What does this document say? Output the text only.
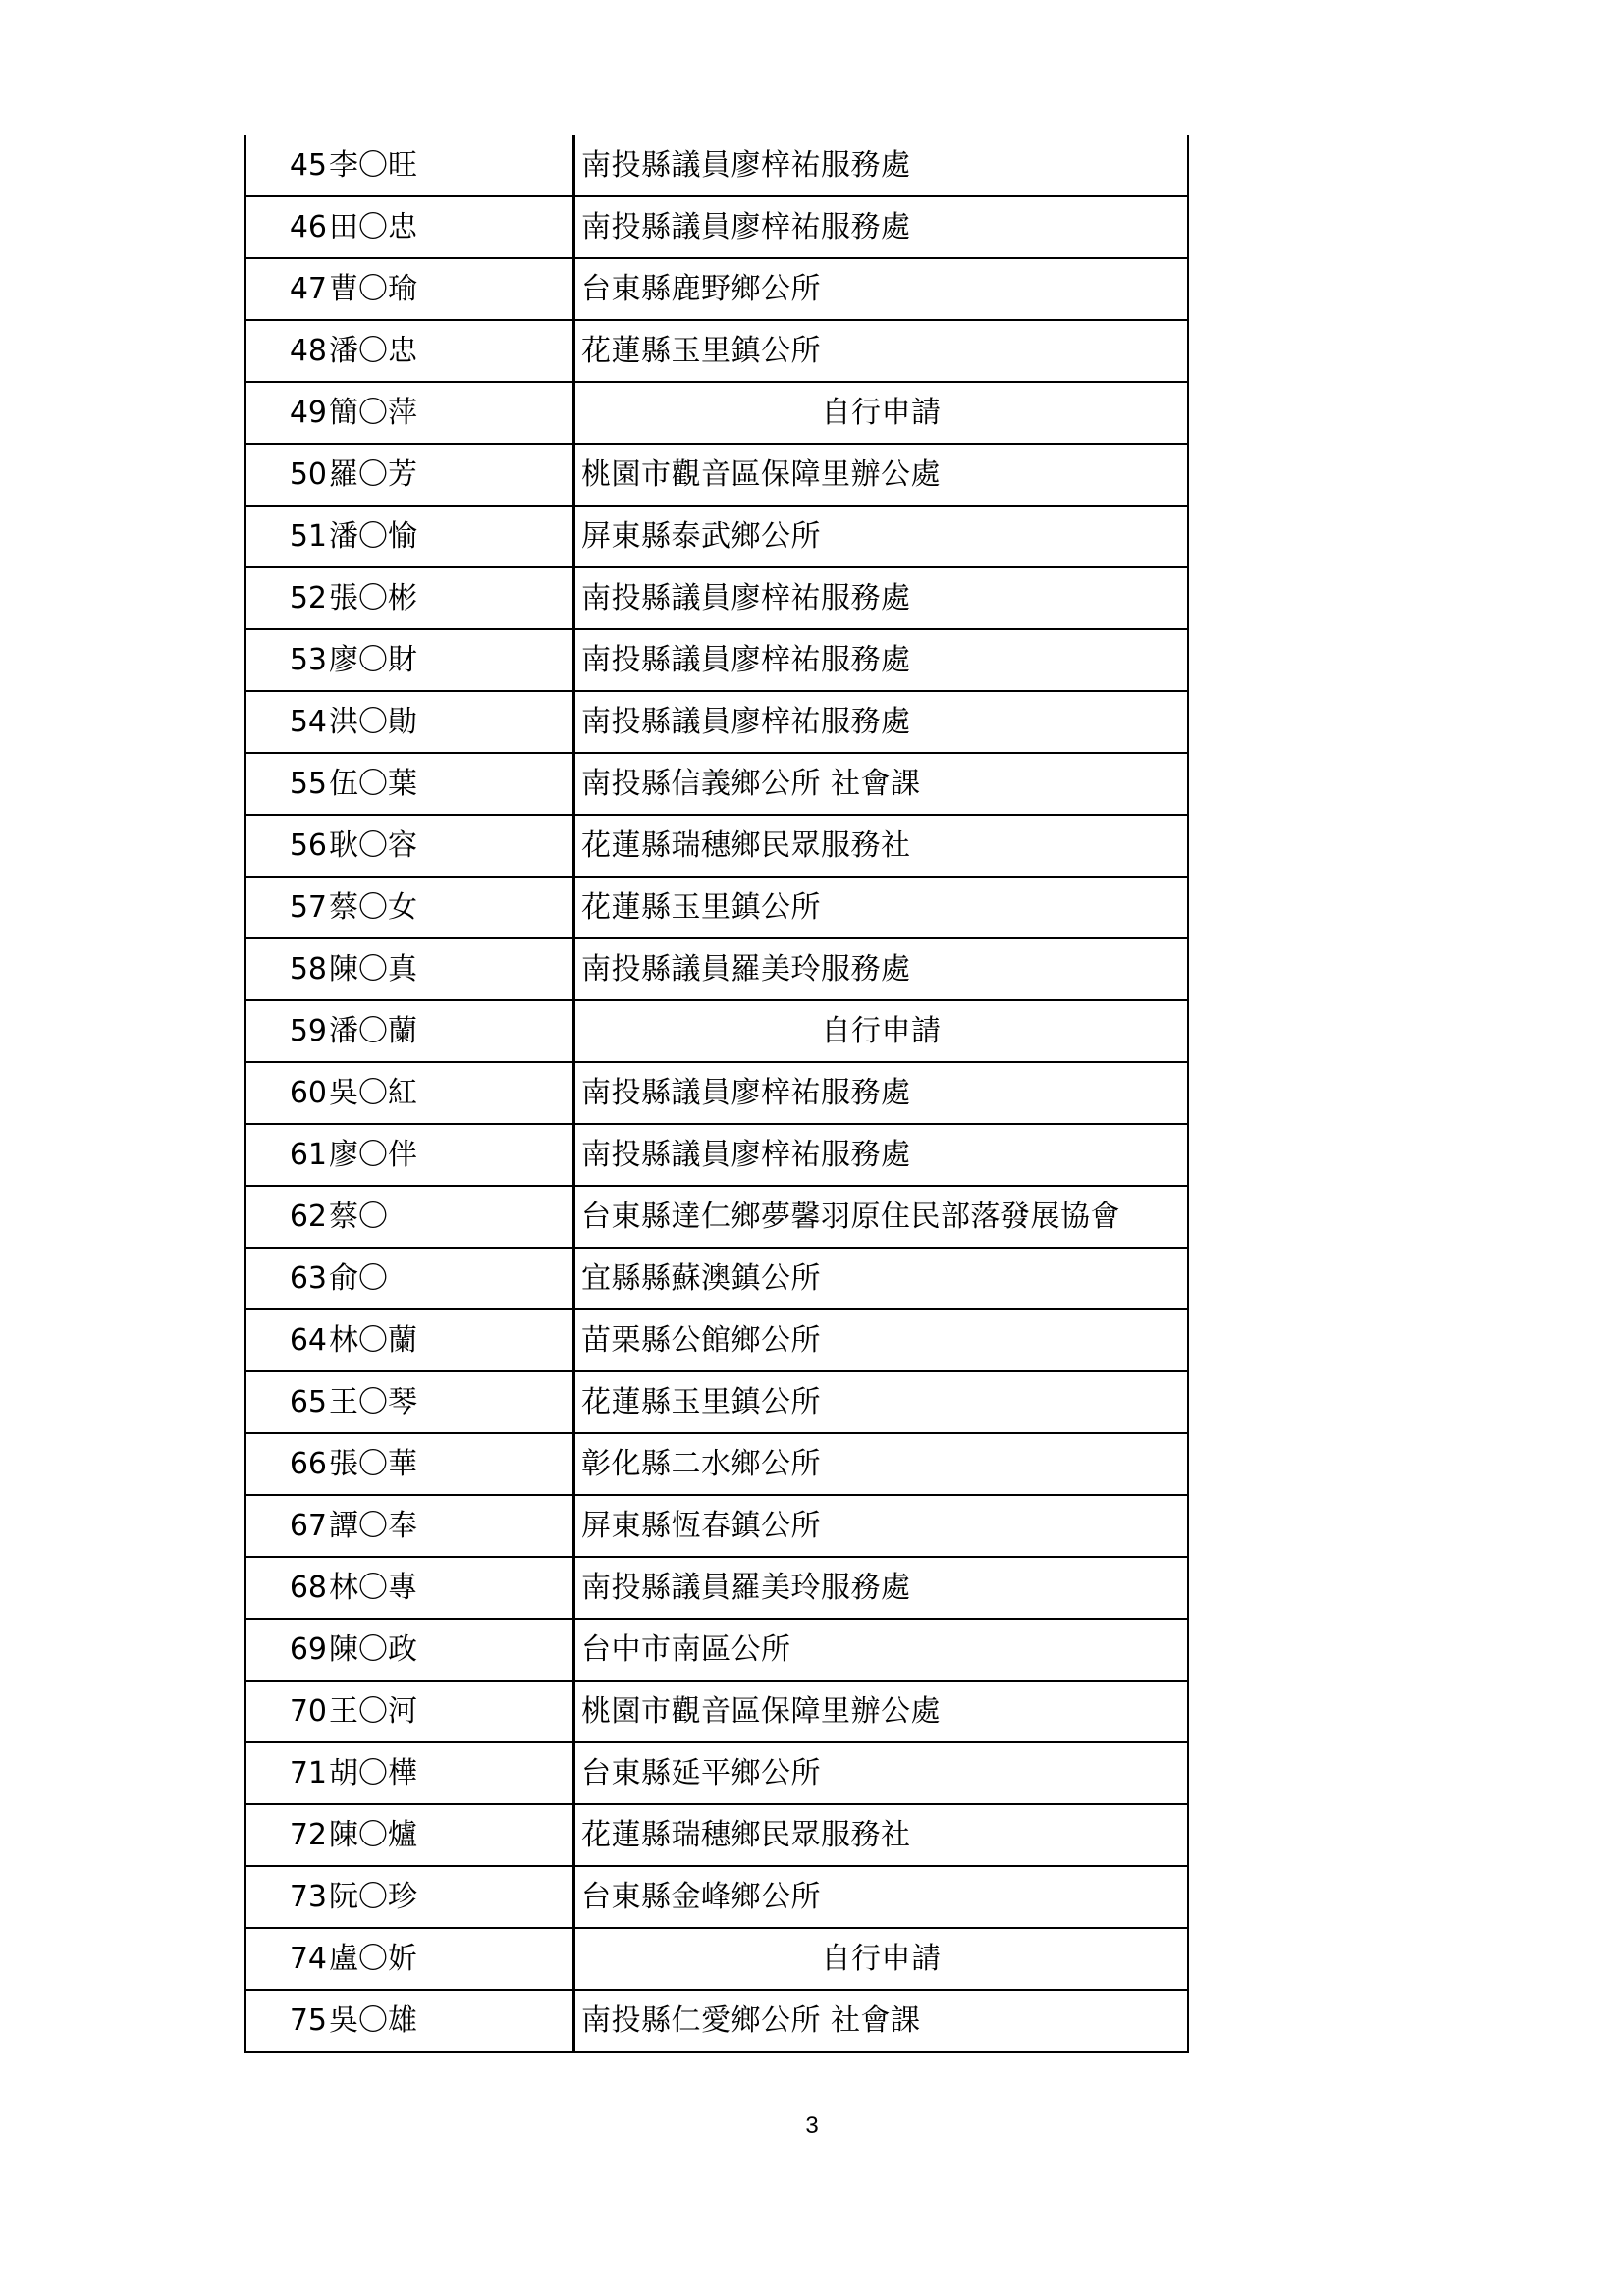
45	李〇旺	南投縣議員廖梓祐服務處
46	田〇忠	南投縣議員廖梓祐服務處
47	曹〇瑜	台東縣鹿野鄉公所
48	潘〇忠	花蓮縣玉里鎮公所
49	簡〇萍	自行申請
50	羅〇芳	桃園市觀音區保障里辦公處
51	潘〇愉	屏東縣泰武鄉公所
52	張〇彬	南投縣議員廖梓祐服務處
53	廖〇財	南投縣議員廖梓祐服務處
54	洪〇勛	南投縣議員廖梓祐服務處
55	伍〇葉	南投縣信義鄉公所 社會課
56	耿〇容	花蓮縣瑞穗鄉民眾服務社
57	蔡〇女	花蓮縣玉里鎮公所
58	陳〇真	南投縣議員羅美玲服務處
59	潘〇蘭	自行申請
60	吳〇紅	南投縣議員廖梓祐服務處
61	廖〇伴	南投縣議員廖梓祐服務處
62	蔡〇	台東縣達仁鄉夢馨羽原住民部落發展協會
63	俞〇	宜縣縣蘇澳鎮公所
64	林〇蘭	苗栗縣公館鄉公所
65	王〇琴	花蓮縣玉里鎮公所
66	張〇華	彰化縣二水鄉公所
67	譚〇奉	屏東縣恆春鎮公所
68	林〇專	南投縣議員羅美玲服務處
69	陳〇政	台中市南區公所
70	王〇河	桃園市觀音區保障里辦公處
71	胡〇樺	台東縣延平鄉公所
72	陳〇爐	花蓮縣瑞穗鄉民眾服務社
73	阮〇珍	台東縣金峰鄉公所
74	盧〇妡	自行申請
75	吳〇雄	南投縣仁愛鄉公所 社會課
3
